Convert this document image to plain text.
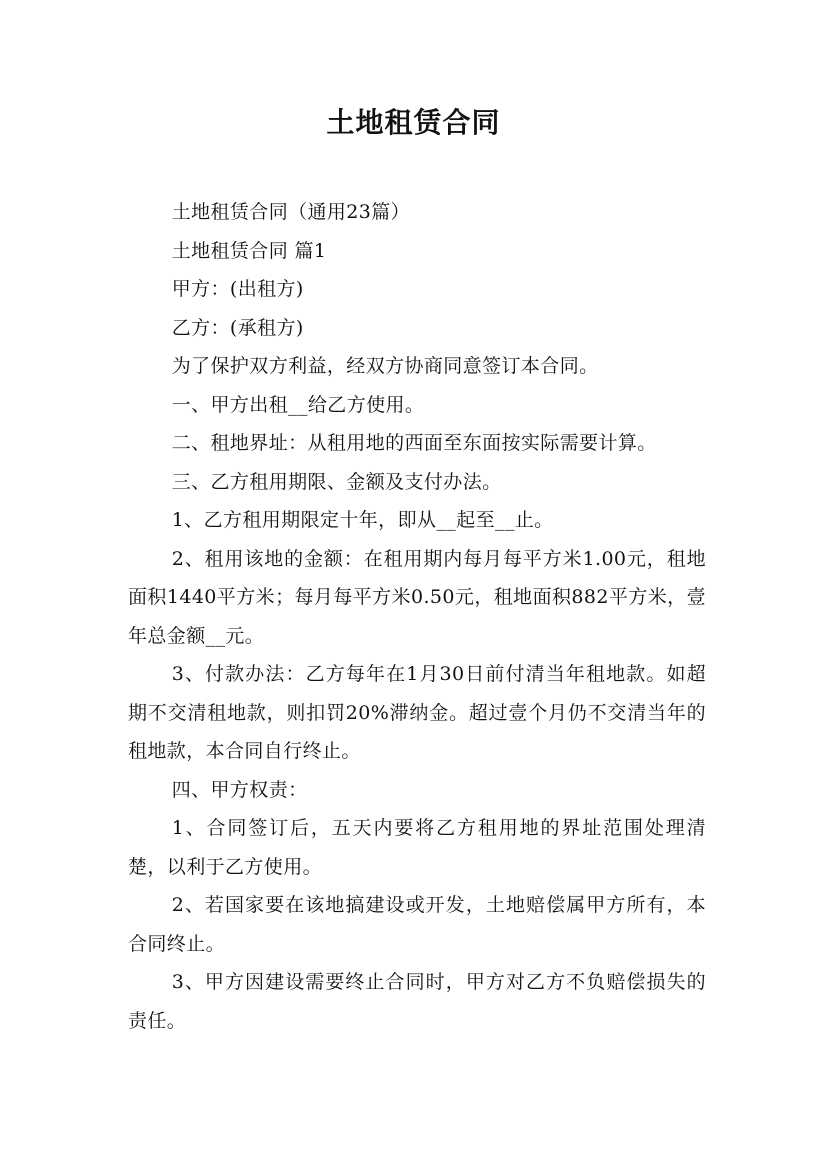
土地租赁合同

土地租赁合同（通用23篇）

土地租赁合同 篇1

甲方：(出租方)

乙方：(承租方)

为了保护双方利益，经双方协商同意签订本合同。

一、甲方出租__给乙方使用。

二、租地界址：从租用地的西面至东面按实际需要计算。

三、乙方租用期限、金额及支付办法。

1、乙方租用期限定十年，即从__起至__止。

2、租用该地的金额：在租用期内每月每平方米1.00元，租地面积1440平方米；每月每平方米0.50元，租地面积882平方米，壹年总金额__元。

3、付款办法：乙方每年在1月30日前付清当年租地款。如超期不交清租地款，则扣罚20%滞纳金。超过壹个月仍不交清当年的租地款，本合同自行终止。

四、甲方权责：

1、合同签订后，五天内要将乙方租用地的界址范围处理清楚，以利于乙方使用。

2、若国家要在该地搞建设或开发，土地赔偿属甲方所有，本合同终止。

3、甲方因建设需要终止合同时，甲方对乙方不负赔偿损失的责任。
